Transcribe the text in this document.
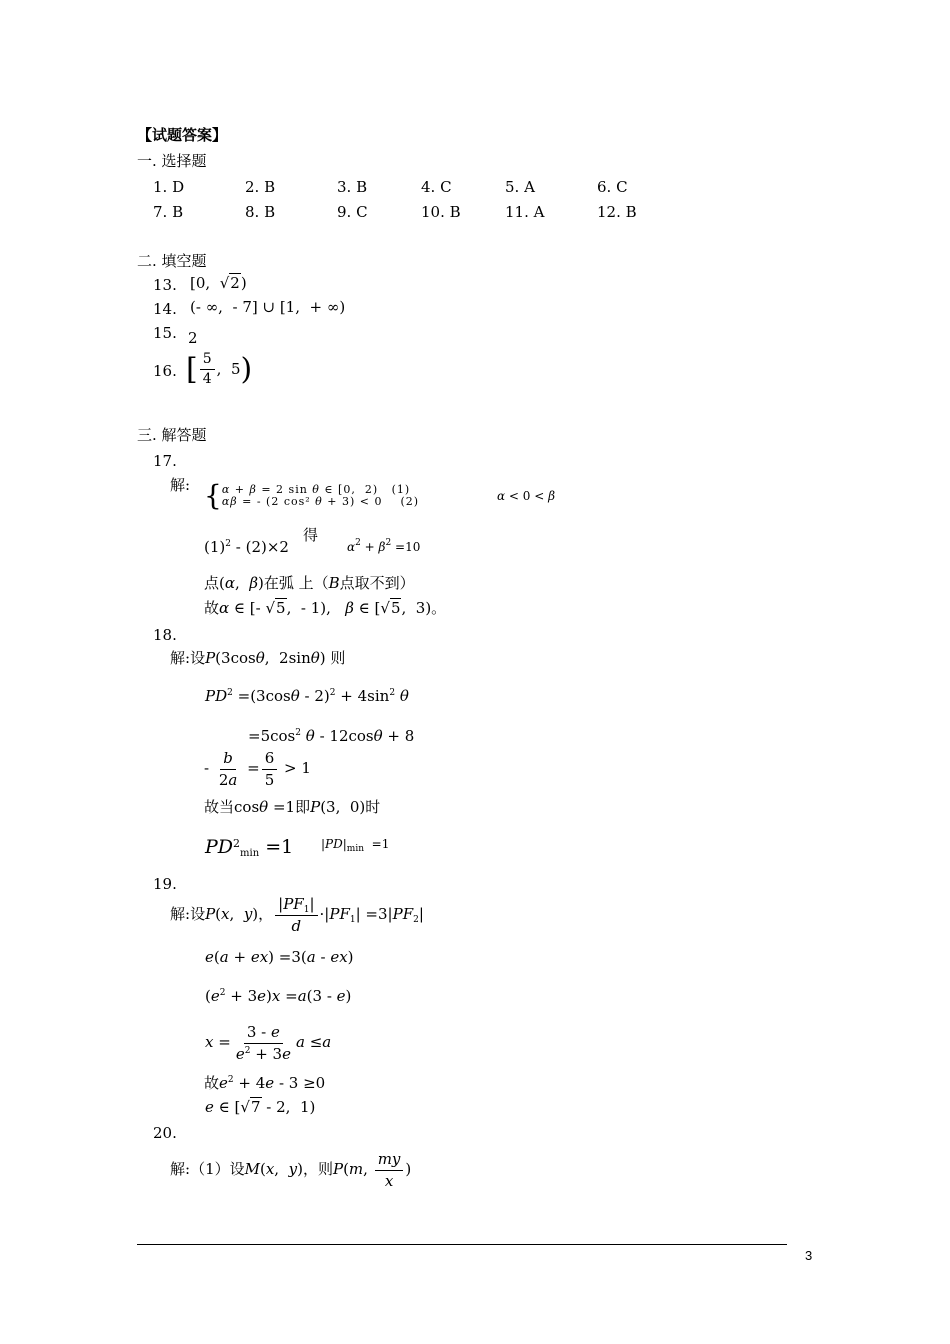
【试题答案】
一. 选择题
1. D	2. B	3. B	4. C	5. A	6. C
7. B	8. B	9. C	10. B	11. A	12. B
二. 填空题
13. [0,  √2)
14. (- ∞,  - 7] ∪ [1,  + ∞)
15. 2
16. [ $\frac{5}{4}$ ,  5)
三. 解答题
17.
解: {α + β = 2 sin θ ∈ [0,  2)   (1)
αβ = - (2 cos² θ + 3) < 0    (2)	α < 0 < β
$(1)^2 - (2)\times 2$
得
$\alpha^2 + \beta^2 =10$
点(α,  β)在弧 上（B点取不到）
故α ∈ [- √5,  - 1),   β ∈ [√5,  3)。
18.
解:设P(3cosθ,  2sinθ) 则
$PD^2 =(3\cos\theta - 2)^2 + 4\sin^2$ θ
$=5\cos^2$ θ - 12cosθ + 8
- $\frac{b}{2a} = \frac{6}{5} > 1$
故当cosθ =1即P(3,  0)时
$PD^2_{min} =1$ $|PD|_{min} =1$
19.
解:设P(x,  y)， $\frac{|PF_1|}{d} \cdot|PF_1| =3|PF_2|$
e(a + ex) =3(a - ex)
$(e^2 + 3e)x =a(3 - e)$
$x = \frac{3 - e}{e^2 + 3e}$ a ≤a
故$e^2 + 4e - 3 \ge 0$
e ∈ [√7 - 2,  1)
20.
解:（1）设M(x,  y)，则P(m, $\frac{my}{x}$ )
3
